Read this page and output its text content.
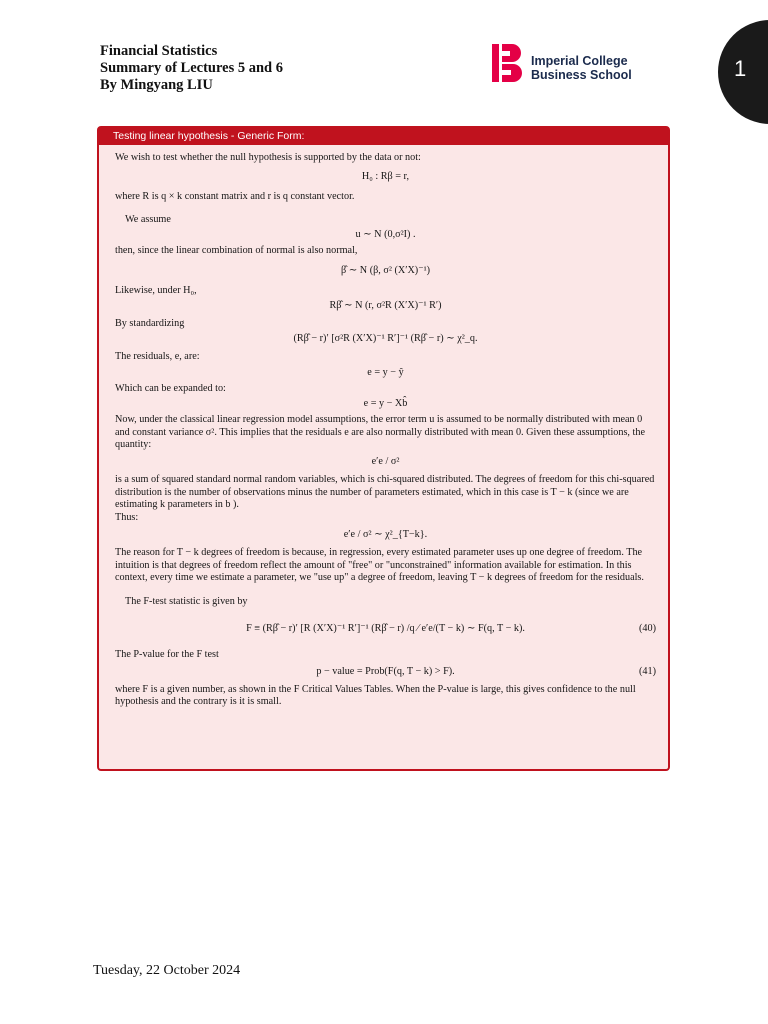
Financial Statistics
Summary of Lectures 5 and 6
By Mingyang LIU
Imperial College
Business School	1
Testing linear hypothesis - Generic Form:

We wish to test whether the null hypothesis is supported by the data or not:

H₀ : Rβ = r,

where R is q × k constant matrix and r is q constant vector.

We assume

u ∼ N (0,σ²I) .

then, since the linear combination of normal is also normal,

β̂ ∼ N (β, σ² (X′X)⁻¹)

Likewise, under H₀,

Rβ̂ ∼ N (r, σ²R (X′X)⁻¹ R′)

By standardizing

(Rβ̂ − r)′ [σ²R (X′X)⁻¹ R′]⁻¹ (Rβ̂ − r) ∼ χ²_q.

The residuals, e, are:

e = y − ŷ

Which can be expanded to:

e = y − Xb̂

Now, under the classical linear regression model assumptions, the error term u is assumed to be normally distributed with mean 0 and constant variance σ². This implies that the residuals e are also normally distributed with mean 0. Given these assumptions, the quantity:

e′e / σ²

is a sum of squared standard normal random variables, which is chi-squared distributed. The degrees of freedom for this chi-squared distribution is the number of observations minus the number of parameters estimated, which in this case is T − k (since we are estimating k parameters in b ).

Thus:

e′e / σ² ∼ χ²_{T−k}.

The reason for T − k degrees of freedom is because, in regression, every estimated parameter uses up one degree of freedom. The intuition is that degrees of freedom reflect the amount of "free" or "unconstrained" information available for estimation. In this context, every time we estimate a parameter, we "use up" a degree of freedom, leaving T − k degrees of freedom for the residuals.

The F-test statistic is given by

F ≡ (Rβ̂ − r)′ [R (X′X)⁻¹ R′]⁻¹ (Rβ̂ − r) /q ⁄ e′e/(T − k) ∼ F(q, T − k).	(40)

The P-value for the F test

p − value = Prob(F(q, T − k) > F).	(41)

where F is a given number, as shown in the F Critical Values Tables. When the P-value is large, this gives confidence to the null hypothesis and the contrary is it is small.

Tuesday, 22 October 2024
